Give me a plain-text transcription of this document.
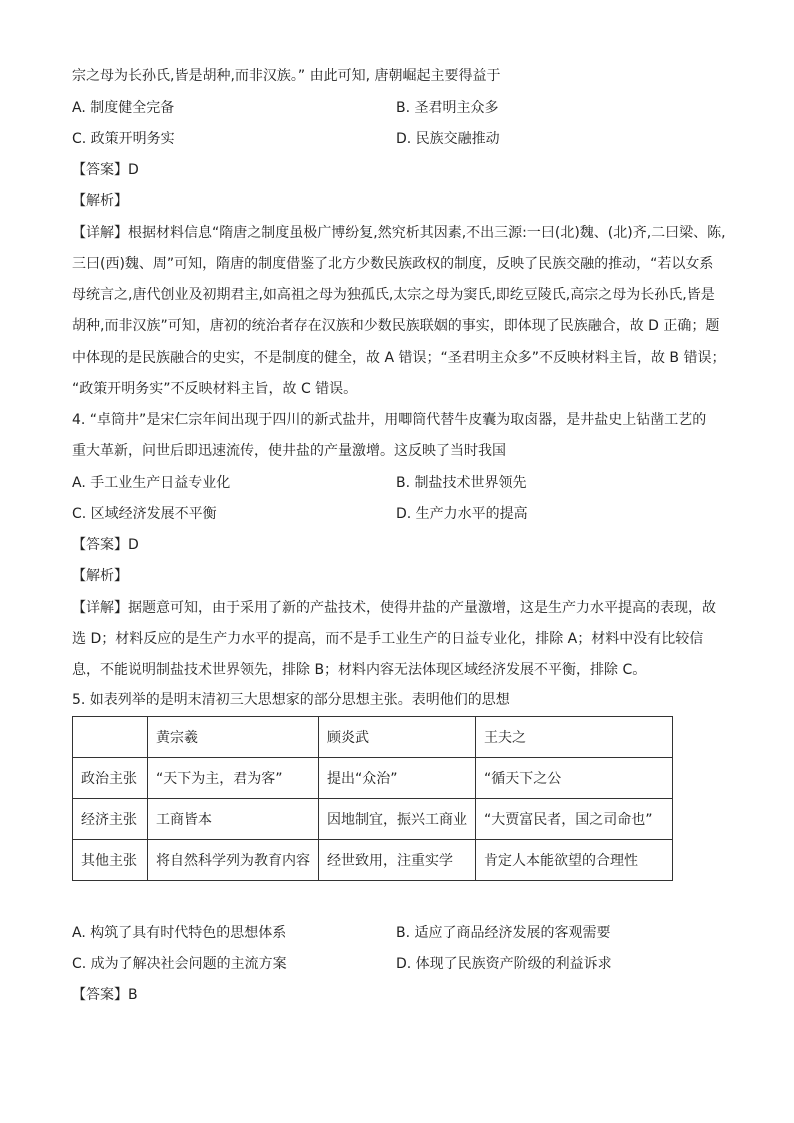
宗之母为长孙氏,皆是胡种,而非汉族。” 由此可知, 唐朝崛起主要得益于
A. 制度健全完备	B. 圣君明主众多
C. 政策开明务实	D. 民族交融推动
【答案】D
【解析】
【详解】根据材料信息“隋唐之制度虽极广博纷复,然究析其因素,不出三源:一曰(北)魏、(北)齐,二曰梁、陈,
三曰(西)魏、周”可知，隋唐的制度借鉴了北方少数民族政权的制度，反映了民族交融的推动，“若以女系
母统言之,唐代创业及初期君主,如高祖之母为独孤氏,太宗之母为窦氏,即纥豆陵氏,高宗之母为长孙氏,皆是
胡种,而非汉族”可知，唐初的统治者存在汉族和少数民族联姻的事实，即体现了民族融合，故 D 正确；题
中体现的是民族融合的史实，不是制度的健全，故 A 错误；“圣君明主众多”不反映材料主旨，故 B 错误；
“政策开明务实”不反映材料主旨，故 C 错误。
4. “卓筒井”是宋仁宗年间出现于四川的新式盐井，用唧筒代替牛皮囊为取卤器，是井盐史上钻凿工艺的
重大革新，问世后即迅速流传，使井盐的产量激增。这反映了当时我国
A. 手工业生产日益专业化	B. 制盐技术世界领先
C. 区域经济发展不平衡	D. 生产力水平的提高
【答案】D
【解析】
【详解】据题意可知，由于采用了新的产盐技术，使得井盐的产量激增，这是生产力水平提高的表现，故
选 D；材料反应的是生产力水平的提高，而不是手工业生产的日益专业化，排除 A；材料中没有比较信
息，不能说明制盐技术世界领先，排除 B；材料内容无法体现区域经济发展不平衡，排除 C。
5. 如表列举的是明末清初三大思想家的部分思想主张。表明他们的思想
	黄宗羲	顾炎武	王夫之
政治主张	“天下为主，君为客”	提出“众治”	“循天下之公
经济主张	工商皆本	因地制宜，振兴工商业	“大贾富民者，国之司命也”
其他主张	将自然科学列为教育内容	经世致用，注重实学	肯定人本能欲望的合理性
A. 构筑了具有时代特色的思想体系	B. 适应了商品经济发展的客观需要
C. 成为了解决社会问题的主流方案	D. 体现了民族资产阶级的利益诉求
【答案】B
